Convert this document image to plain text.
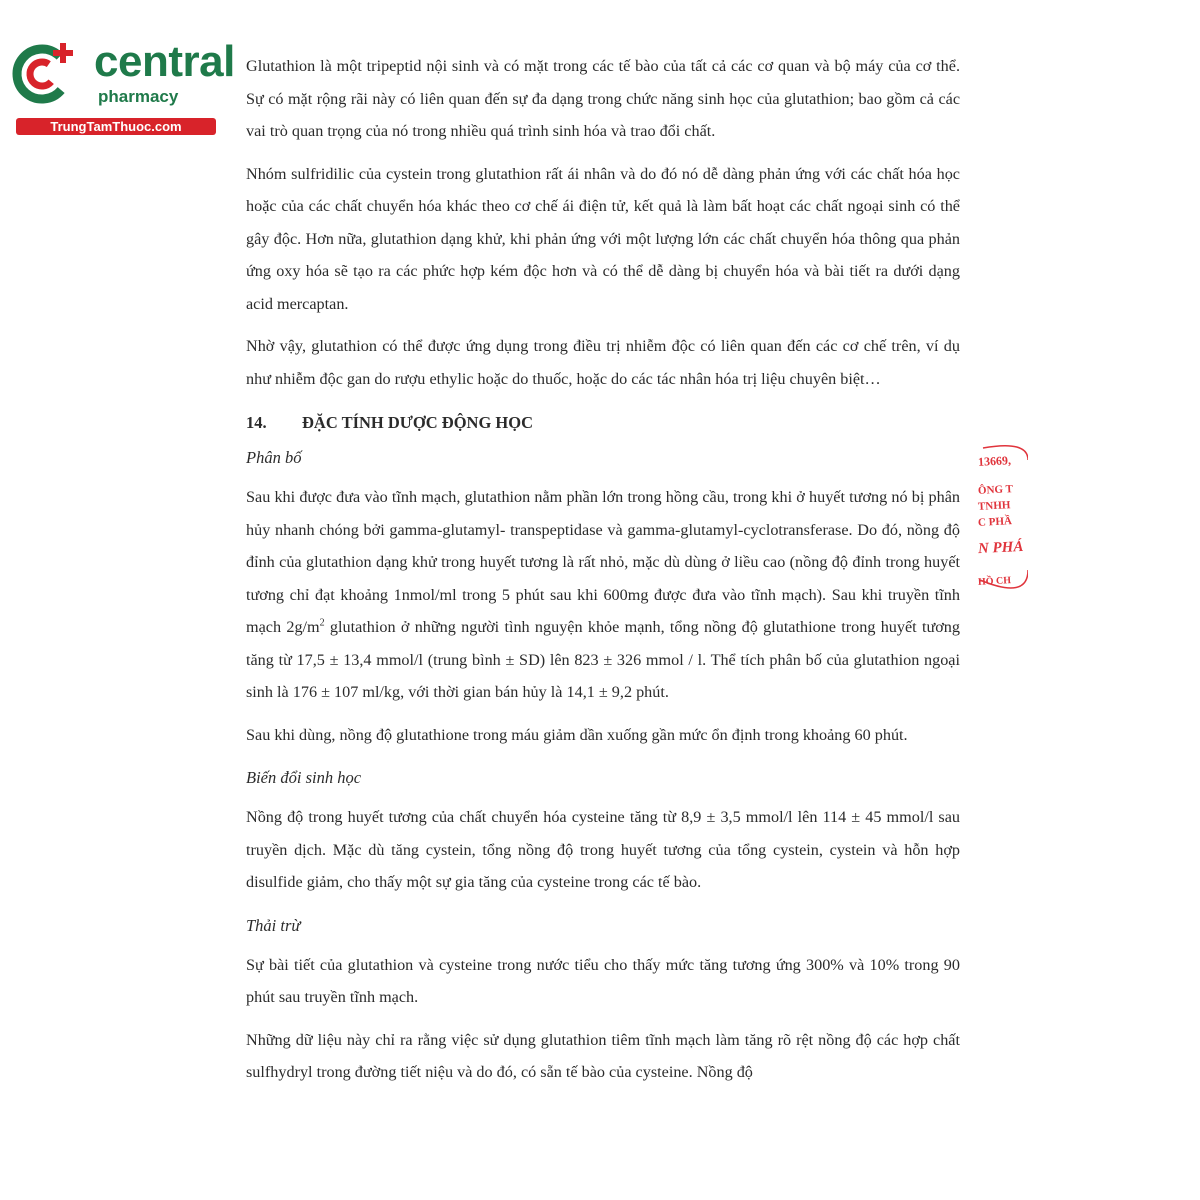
central
pharmacy
TrungTamThuoc.com

Glutathion là một tripeptid nội sinh và có mặt trong các tế bào của tất cả các cơ quan và bộ máy của cơ thể. Sự có mặt rộng rãi này có liên quan đến sự đa dạng trong chức năng sinh học của glutathion; bao gồm cả các vai trò quan trọng của nó trong nhiều quá trình sinh hóa và trao đổi chất.

Nhóm sulfridilic của cystein trong glutathion rất ái nhân và do đó nó dễ dàng phản ứng với các chất hóa học hoặc của các chất chuyển hóa khác theo cơ chế ái điện tử, kết quả là làm bất hoạt các chất ngoại sinh có thể gây độc. Hơn nữa, glutathion dạng khử, khi phản ứng với một lượng lớn các chất chuyển hóa thông qua phản ứng oxy hóa sẽ tạo ra các phức hợp kém độc hơn và có thể dễ dàng bị chuyển hóa và bài tiết ra dưới dạng acid mercaptan.

Nhờ vậy, glutathion có thể được ứng dụng trong điều trị nhiễm độc có liên quan đến các cơ chế trên, ví dụ như nhiễm độc gan do rượu ethylic hoặc do thuốc, hoặc do các tác nhân hóa trị liệu chuyên biệt…

14.	ĐẶC TÍNH DƯỢC ĐỘNG HỌC
Phân bố

Sau khi được đưa vào tĩnh mạch, glutathion nằm phần lớn trong hồng cầu, trong khi ở huyết tương nó bị phân hủy nhanh chóng bởi gamma-glutamyl- transpeptidase và gamma-glutamyl-cyclotransferase. Do đó, nồng độ đỉnh của glutathion dạng khử trong huyết tương là rất nhỏ, mặc dù dùng ở liều cao (nồng độ đỉnh trong huyết tương chỉ đạt khoảng 1nmol/ml trong 5 phút sau khi 600mg được đưa vào tĩnh mạch). Sau khi truyền tĩnh mạch $2g/m^2$ glutathion ở những người tình nguyện khỏe mạnh, tổng nồng độ glutathione trong huyết tương tăng từ 17,5 ± 13,4 mmol/l (trung bình ± SD) lên 823 ± 326 mmol / l. Thể tích phân bố của glutathion ngoại sinh là 176 ± 107 ml/kg, với thời gian bán hủy là 14,1 ± 9,2 phút.

Sau khi dùng, nồng độ glutathione trong máu giảm dần xuống gần mức ổn định trong khoảng 60 phút.

Biến đổi sinh học

Nồng độ trong huyết tương của chất chuyển hóa cysteine tăng từ 8,9 ± 3,5 mmol/l lên 114 ± 45 mmol/l sau truyền dịch. Mặc dù tăng cystein, tổng nồng độ trong huyết tương của tổng cystein, cystein và hỗn hợp disulfide giảm, cho thấy một sự gia tăng của cysteine trong các tế bào.

Thải trừ

Sự bài tiết của glutathion và cysteine trong nước tiểu cho thấy mức tăng tương ứng 300% và 10% trong 90 phút sau truyền tĩnh mạch.

Những dữ liệu này chỉ ra rằng việc sử dụng glutathion tiêm tĩnh mạch làm tăng rõ rệt nồng độ các hợp chất sulfhydryl trong đường tiết niệu và do đó, có sẵn tế bào của cysteine. Nồng độ

13669,
ÔNG T
TNHH
C PHẦ
N PHÁ
HỒ CH
